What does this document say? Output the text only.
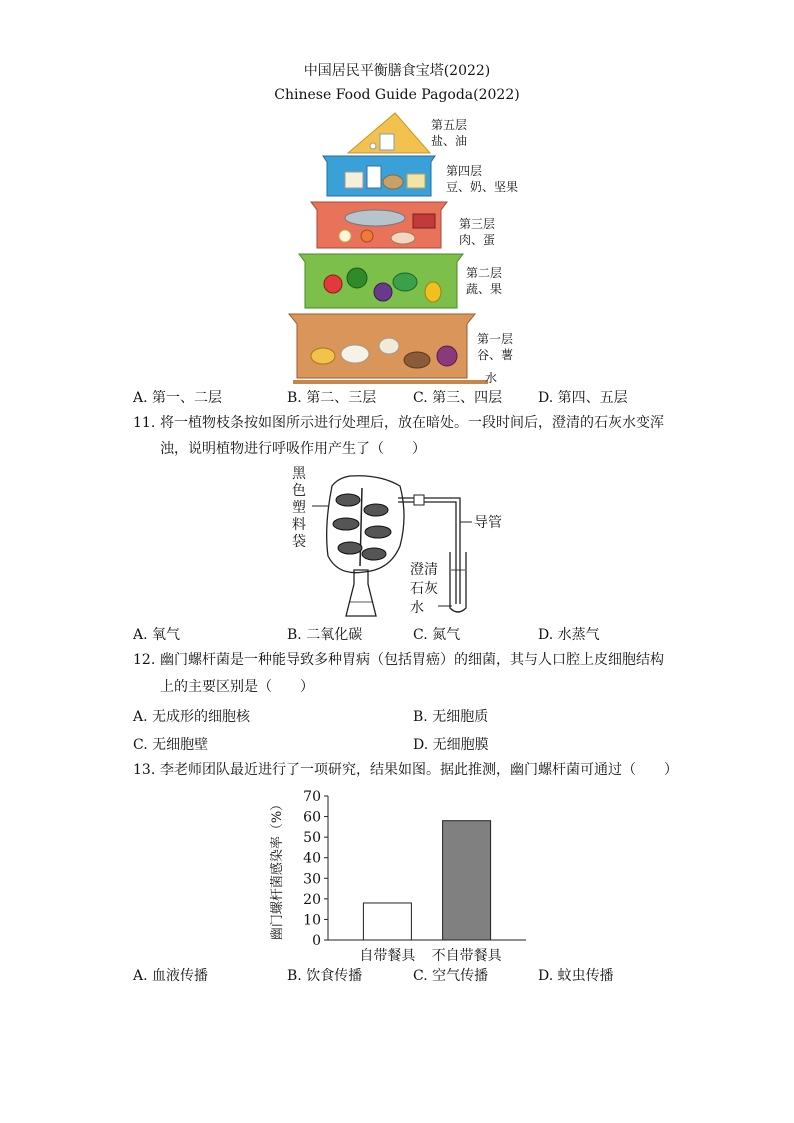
中国居民平衡膳食宝塔(2022)
Chinese Food Guide Pagoda(2022)
第五层
盐、油
第四层
豆、奶、坚果
第三层
肉、蛋
第二层
蔬、果
第一层
谷、薯
水
A. 第一、二层	B. 第二、三层	C. 第三、四层	D. 第四、五层
11. 将一植物枝条按如图所示进行处理后，放在暗处。一段时间后，澄清的石灰水变浑
浊，说明植物进行呼吸作用产生了（　　）
黑
色
塑
料
袋
导管
澄清
石灰
水
A. 氧气	B. 二氧化碳	C. 氮气	D. 水蒸气
12. 幽门螺杆菌是一种能导致多种胃病（包括胃癌）的细菌，其与人口腔上皮细胞结构
上的主要区别是（　　）
A. 无成形的细胞核	B. 无细胞质
C. 无细胞壁	D. 无细胞膜
13. 李老师团队最近进行了一项研究，结果如图。据此推测，幽门螺杆菌可通过（　　）
幽门螺杆菌感染率（%）
0
10
20
30
40
50
60
70
自带餐具 不自带餐具
A. 血液传播	B. 饮食传播	C. 空气传播	D. 蚊虫传播
